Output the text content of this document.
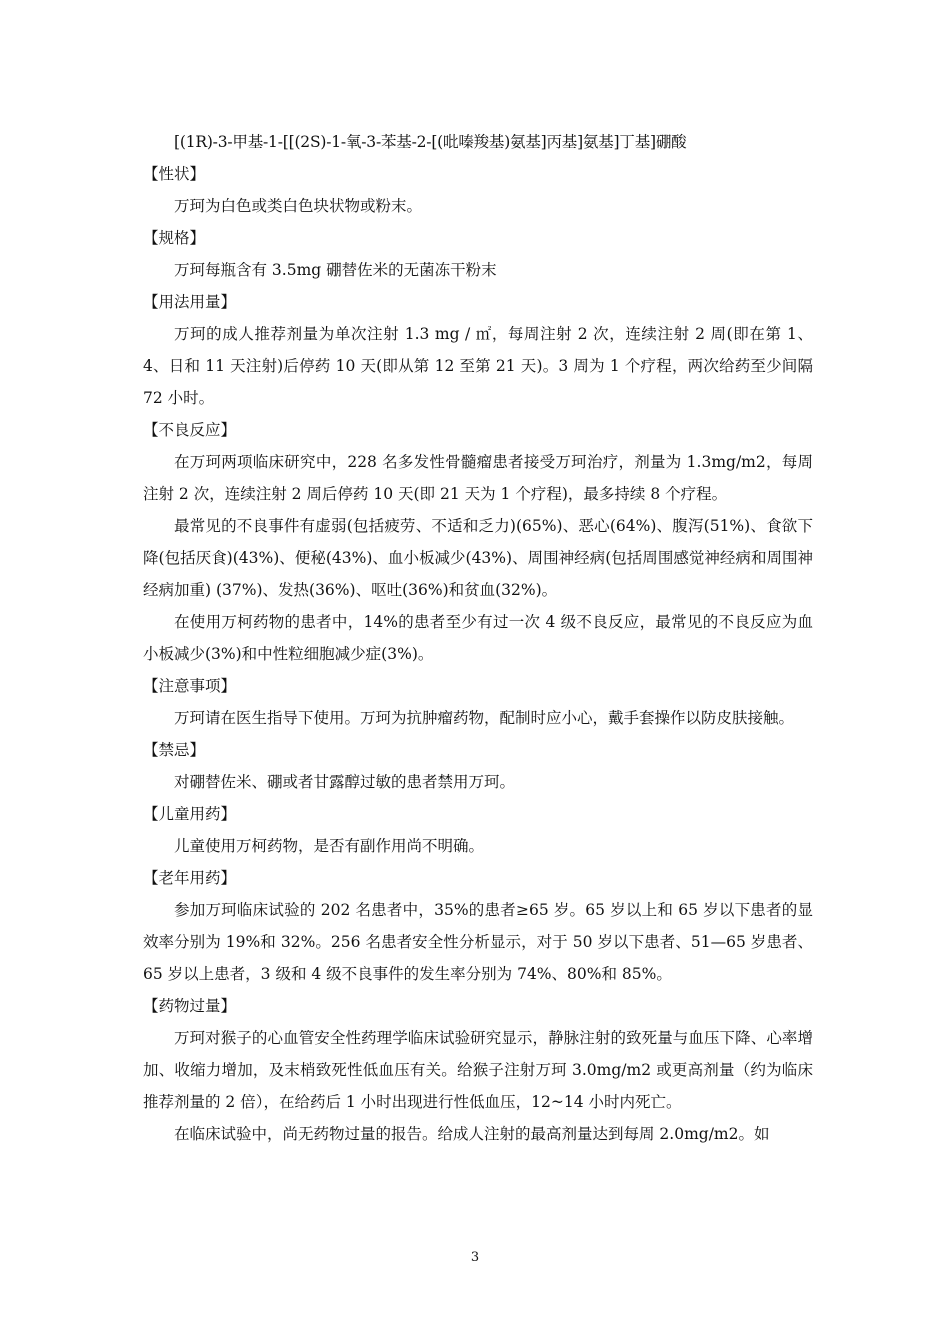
[(1R)-3-甲基-1-[[(2S)-1-氧-3-苯基-2-[(吡嗪羧基)氨基]丙基]氨基]丁基]硼酸

【性状】

万珂为白色或类白色块状物或粉末。

【规格】

万珂每瓶含有 3.5mg 硼替佐米的无菌冻干粉末

【用法用量】

万珂的成人推荐剂量为单次注射 1.3 mg / ㎡，每周注射 2 次，连续注射 2 周(即在第 1、4、日和 11 天注射)后停药 10 天(即从第 12 至第 21 天)。3 周为 1 个疗程，两次给药至少间隔 72 小时。

【不良反应】

在万珂两项临床研究中，228 名多发性骨髓瘤患者接受万珂治疗，剂量为 1.3mg/m2，每周注射 2 次，连续注射 2 周后停药 10 天(即 21 天为 1 个疗程)，最多持续 8 个疗程。

最常见的不良事件有虚弱(包括疲劳、不适和乏力)(65%)、恶心(64%)、腹泻(51%)、食欲下降(包括厌食)(43%)、便秘(43%)、血小板减少(43%)、周围神经病(包括周围感觉神经病和周围神经病加重) (37%)、发热(36%)、呕吐(36%)和贫血(32%)。

在使用万柯药物的患者中，14%的患者至少有过一次 4 级不良反应，最常见的不良反应为血小板减少(3%)和中性粒细胞减少症(3%)。

【注意事项】

万珂请在医生指导下使用。万珂为抗肿瘤药物，配制时应小心，戴手套操作以防皮肤接触。

【禁忌】

对硼替佐米、硼或者甘露醇过敏的患者禁用万珂。

【儿童用药】

儿童使用万柯药物，是否有副作用尚不明确。

【老年用药】

参加万珂临床试验的 202 名患者中，35%的患者≥65 岁。65 岁以上和 65 岁以下患者的显效率分别为 19%和 32%。256 名患者安全性分析显示，对于 50 岁以下患者、51—65 岁患者、65 岁以上患者，3 级和 4 级不良事件的发生率分别为 74%、80%和 85%。

【药物过量】

万珂对猴子的心血管安全性药理学临床试验研究显示，静脉注射的致死量与血压下降、心率增加、收缩力增加，及末梢致死性低血压有关。给猴子注射万珂 3.0mg/m2 或更高剂量（约为临床推荐剂量的 2 倍），在给药后 1 小时出现进行性低血压，12~14 小时内死亡。

在临床试验中，尚无药物过量的报告。给成人注射的最高剂量达到每周 2.0mg/m2。如

3
